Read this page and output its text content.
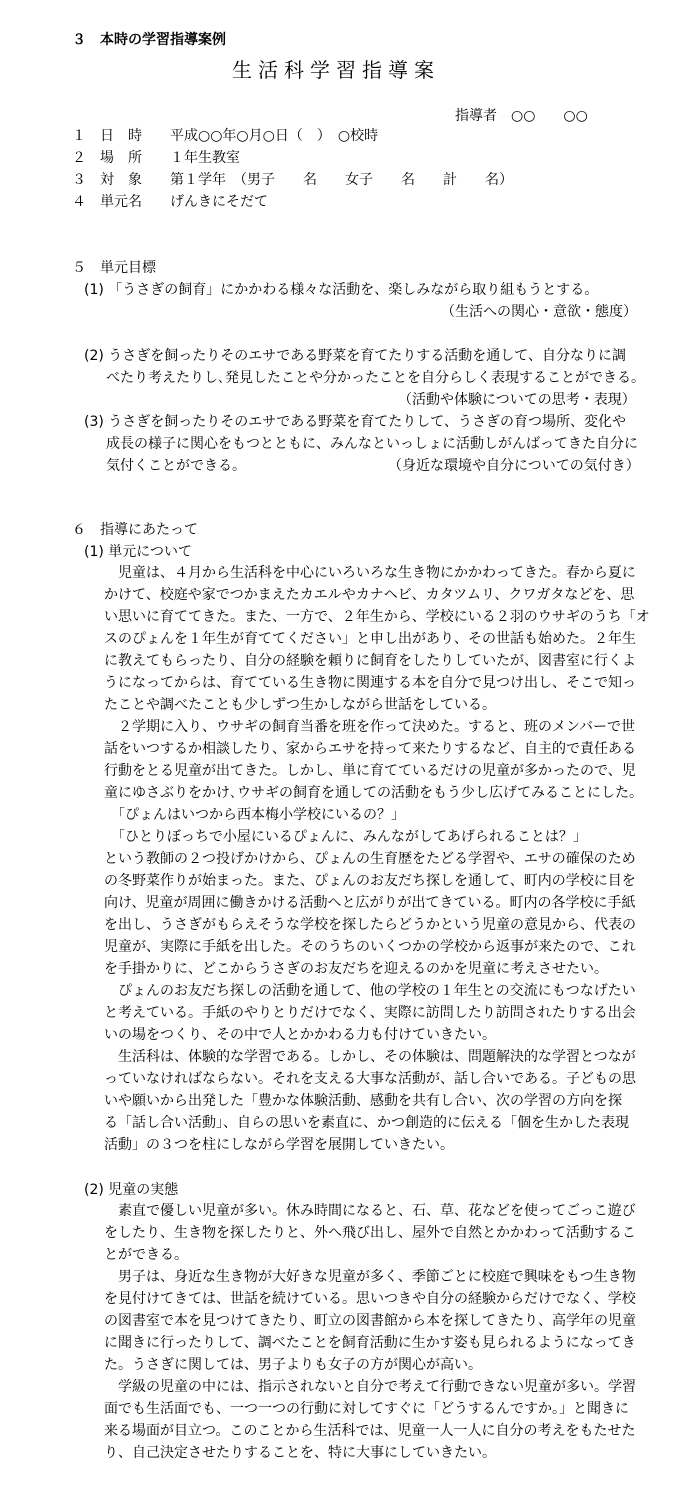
３　本時の学習指導案例
生活科学習指導案
指導者　○○　　○○
１　日　時　　平成○○年○月○日（　）　○校時
２　場　所　　１年生教室
３　対　象　　第１学年　（男子　　名　　女子　　名　　計　　名）
４　単元名　　げんきにそだて
５　単元目標
(1) 「うさぎの飼育」にかかわる様々な活動を、楽しみながら取り組もうとする。
（生活への関心・意欲・態度）
(2) うさぎを飼ったりそのエサである野菜を育てたりする活動を通して、自分なりに調
べたり考えたりし､発見したことや分かったことを自分らしく表現することができる。
（活動や体験についての思考・表現）
(3) うさぎを飼ったりそのエサである野菜を育てたりして、うさぎの育つ場所、変化や
成長の様子に関心をもつとともに、みんなといっしょに活動しがんばってきた自分に
気付くことができる。	（身近な環境や自分についての気付き）
６　指導にあたって
(1) 単元について
　児童は、４月から生活科を中心にいろいろな生き物にかかわってきた。春から夏に
かけて、校庭や家でつかまえたカエルやカナヘビ、カタツムリ、クワガタなどを、思
い思いに育ててきた。また、一方で、２年生から、学校にいる２羽のウサギのうち「オ
スのぴょんを１年生が育ててください」と申し出があり、その世話も始めた。２年生
に教えてもらったり、自分の経験を頼りに飼育をしたりしていたが、図書室に行くよ
うになってからは、育てている生き物に関連する本を自分で見つけ出し、そこで知っ
たことや調べたことも少しずつ生かしながら世話をしている。
　２学期に入り、ウサギの飼育当番を班を作って決めた。すると、班のメンバーで世
話をいつするか相談したり、家からエサを持って来たりするなど、自主的で責任ある
行動をとる児童が出てきた。しかし、単に育てているだけの児童が多かったので、児
童にゆさぶりをかけ､ウサギの飼育を通しての活動をもう少し広げてみることにした。
　「ぴょんはいつから西本梅小学校にいるの？」
　「ひとりぼっちで小屋にいるぴょんに、みんながしてあげられることは？」
という教師の２つ投げかけから、ぴょんの生育歴をたどる学習や、エサの確保のため
の冬野菜作りが始まった。また、ぴょんのお友だち探しを通して、町内の学校に目を
向け、児童が周囲に働きかける活動へと広がりが出てきている。町内の各学校に手紙
を出し、うさぎがもらえそうな学校を探したらどうかという児童の意見から、代表の
児童が、実際に手紙を出した。そのうちのいくつかの学校から返事が来たので、これ
を手掛かりに、どこからうさぎのお友だちを迎えるのかを児童に考えさせたい。
　ぴょんのお友だち探しの活動を通して、他の学校の１年生との交流にもつなげたい
と考えている。手紙のやりとりだけでなく、実際に訪問したり訪問されたりする出会
いの場をつくり、その中で人とかかわる力も付けていきたい。
　生活科は、体験的な学習である。しかし、その体験は、問題解決的な学習とつなが
っていなければならない。それを支える大事な活動が、話し合いである。子どもの思
いや願いから出発した「豊かな体験活動、感動を共有し合い、次の学習の方向を探
る「話し合い活動」、自らの思いを素直に、かつ創造的に伝える「個を生かした表現
活動」の３つを柱にしながら学習を展開していきたい。
(2) 児童の実態
　素直で優しい児童が多い。休み時間になると、石、草、花などを使ってごっこ遊び
をしたり、生き物を探したりと、外へ飛び出し、屋外で自然とかかわって活動するこ
とができる。
　男子は、身近な生き物が大好きな児童が多く、季節ごとに校庭で興味をもつ生き物
を見付けてきては、世話を続けている。思いつきや自分の経験からだけでなく、学校
の図書室で本を見つけてきたり、町立の図書館から本を探してきたり、高学年の児童
に聞きに行ったりして、調べたことを飼育活動に生かす姿も見られるようになってき
た。うさぎに関しては、男子よりも女子の方が関心が高い。
　学級の児童の中には、指示されないと自分で考えて行動できない児童が多い。学習
面でも生活面でも、一つ一つの行動に対してすぐに「どうするんですか。」と聞きに
来る場面が目立つ。このことから生活科では、児童一人一人に自分の考えをもたせた
り、自己決定させたりすることを、特に大事にしていきたい。
